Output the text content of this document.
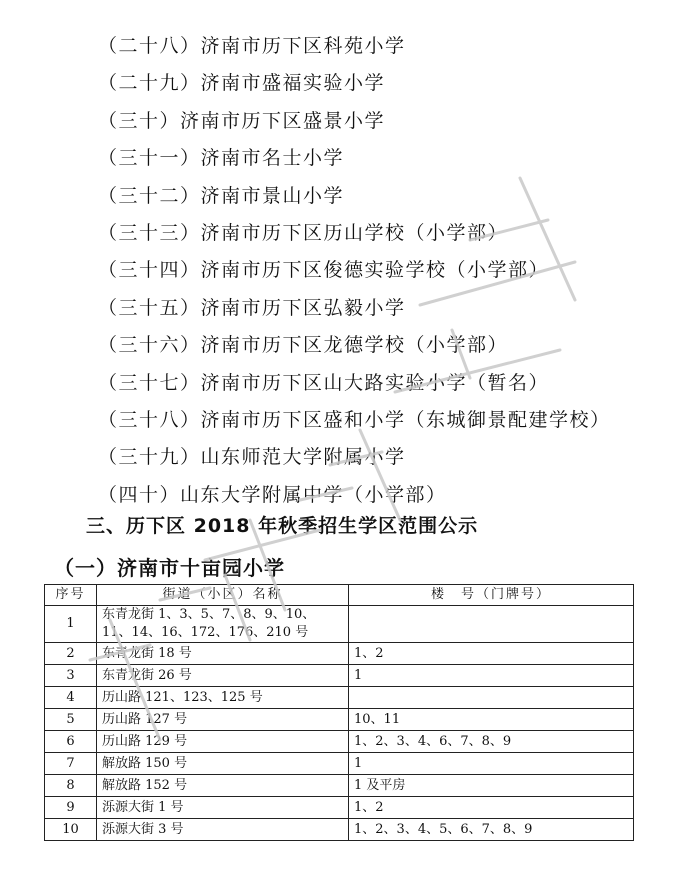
（二十八）济南市历下区科苑小学
（二十九）济南市盛福实验小学
（三十）济南市历下区盛景小学
（三十一）济南市名士小学
（三十二）济南市景山小学
（三十三）济南市历下区历山学校（小学部）
（三十四）济南市历下区俊德实验学校（小学部）
（三十五）济南市历下区弘毅小学
（三十六）济南市历下区龙德学校（小学部）
（三十七）济南市历下区山大路实验小学（暂名）
（三十八）济南市历下区盛和小学（东城御景配建学校）
（三十九）山东师范大学附属小学
（四十）山东大学附属中学（小学部）
三、历下区 2018 年秋季招生学区范围公示
（一）济南市十亩园小学
序号	街道（小区）名称	楼　号（门牌号）
1	东青龙街 1、3、5、7、8、9、10、11、14、16、172、176、210 号	
2	东青龙街 18 号	1、2
3	东青龙街 26 号	1
4	历山路 121、123、125 号	
5	历山路 127 号	10、11
6	历山路 129 号	1、2、3、4、6、7、8、9
7	解放路 150 号	1
8	解放路 152 号	1 及平房
9	泺源大街 1 号	1、2
10	泺源大街 3 号	1、2、3、4、5、6、7、8、9
